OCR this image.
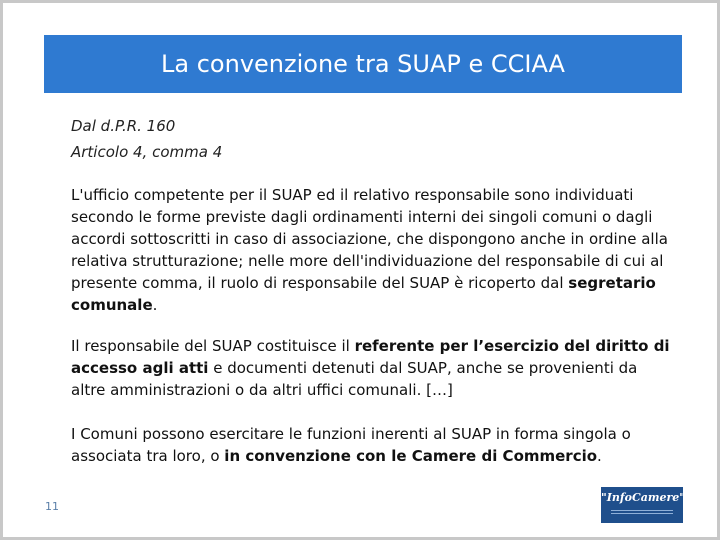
La convenzione tra SUAP e CCIAA
Dal d.P.R. 160
Articolo 4, comma 4

L'ufficio competente per il SUAP ed il relativo responsabile sono individuati secondo le forme previste dagli ordinamenti interni dei singoli comuni o dagli accordi sottoscritti in caso di associazione, che dispongono anche in ordine alla relativa strutturazione; nelle more dell'individuazione del responsabile di cui al presente comma, il ruolo di responsabile del SUAP è ricoperto dal segretario comunale.

Il responsabile del SUAP costituisce il referente per l’esercizio del diritto di accesso agli atti e documenti detenuti dal SUAP, anche se provenienti da altre amministrazioni o da altri uffici comunali. […]

I Comuni possono esercitare le funzioni inerenti al SUAP in forma singola o associata tra loro, o in convenzione con le Camere di Commercio.

11
"InfoCamere"
